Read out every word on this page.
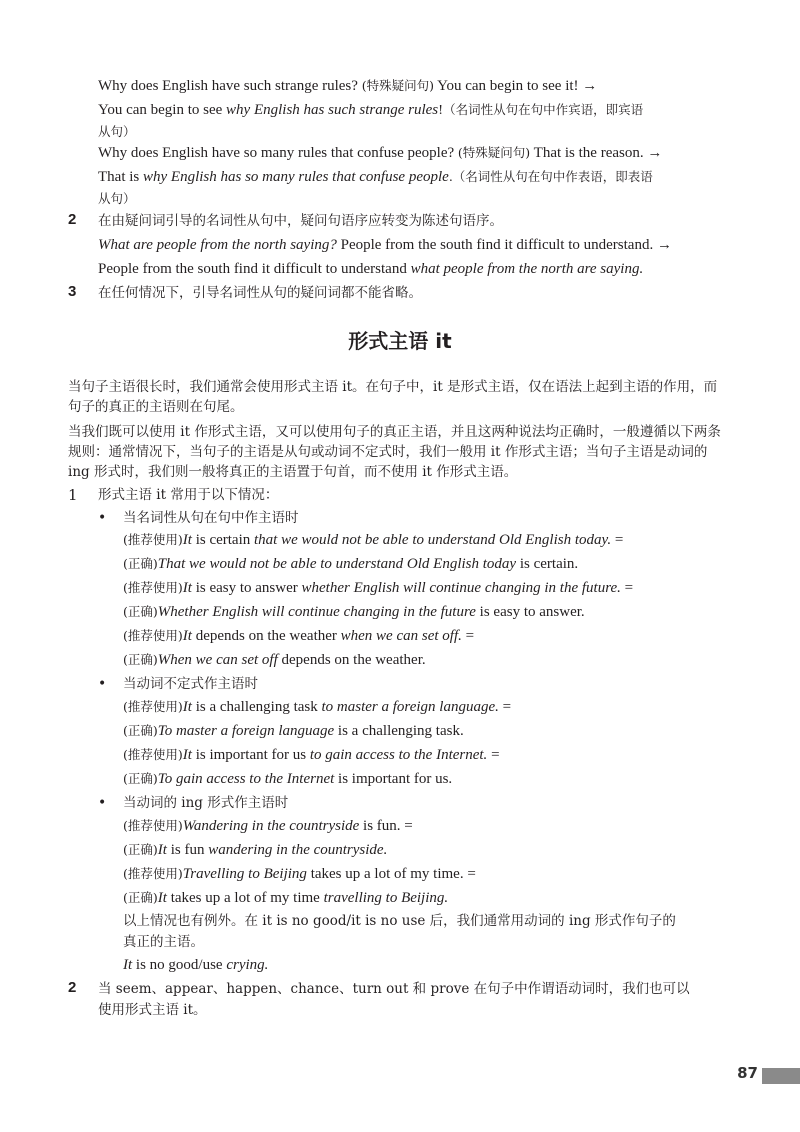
Why does English have such strange rules? (特殊疑问句) You can begin to see it! →
You can begin to see why English has such strange rules!（名词性从句在句中作宾语，即宾语
从句）
Why does English have so many rules that confuse people? (特殊疑问句) That is the reason. →
That is why English has so many rules that confuse people.（名词性从句在句中作表语，即表语
从句）
2 在由疑问词引导的名词性从句中，疑问句语序应转变为陈述句语序。
What are people from the north saying? People from the south find it difficult to understand. →
People from the south find it difficult to understand what people from the north are saying.
3 在任何情况下，引导名词性从句的疑问词都不能省略。
形式主语 it
当句子主语很长时，我们通常会使用形式主语 it。在句子中，it 是形式主语，仅在语法上起到主语的作用，而句子的真正的主语则在句尾。
当我们既可以使用 it 作形式主语，又可以使用句子的真正主语，并且这两种说法均正确时，一般遵循以下两条规则：通常情况下，当句子的主语是从句或动词不定式时，我们一般用 it 作形式主语；当句子主语是动词的 ing 形式时，我们则一般将真正的主语置于句首，而不使用 it 作形式主语。
1 形式主语 it 常用于以下情况：
• 当名词性从句在句中作主语时
(推荐使用)It is certain that we would not be able to understand Old English today. =
(正确)That we would not be able to understand Old English today is certain.
(推荐使用)It is easy to answer whether English will continue changing in the future. =
(正确)Whether English will continue changing in the future is easy to answer.
(推荐使用)It depends on the weather when we can set off. =
(正确)When we can set off depends on the weather.
• 当动词不定式作主语时
(推荐使用)It is a challenging task to master a foreign language. =
(正确)To master a foreign language is a challenging task.
(推荐使用)It is important for us to gain access to the Internet. =
(正确)To gain access to the Internet is important for us.
• 当动词的 ing 形式作主语时
(推荐使用)Wandering in the countryside is fun. =
(正确)It is fun wandering in the countryside.
(推荐使用)Travelling to Beijing takes up a lot of my time. =
(正确)It takes up a lot of my time travelling to Beijing.
以上情况也有例外。在 it is no good/it is no use 后，我们通常用动词的 ing 形式作句子的
真正的主语。
It is no good/use crying.
2 当 seem、appear、happen、chance、turn out 和 prove 在句子中作谓语动词时，我们也可以
使用形式主语 it。
87
